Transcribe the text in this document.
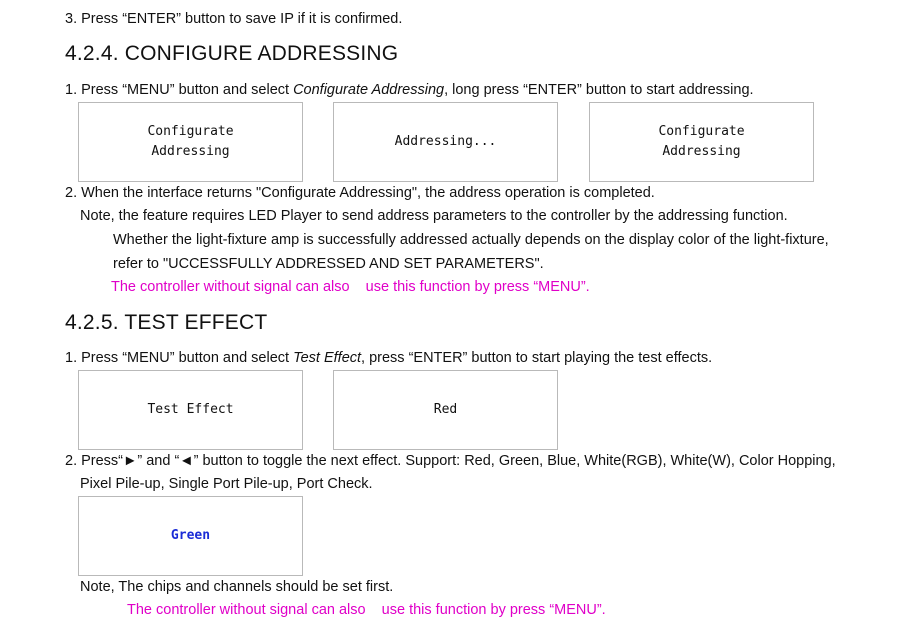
3. Press “ENTER” button to save IP if it is confirmed.
4.2.4. CONFIGURE ADDRESSING
1. Press “MENU” button and select Configurate Addressing, long press “ENTER” button to start addressing.
Configurate
Addressing
Addressing...
Configurate
Addressing
2. When the interface returns "Configurate Addressing", the address operation is completed.
Note, the feature requires LED Player to send address parameters to the controller by the addressing function.
Whether the light-fixture amp is successfully addressed actually depends on the display color of the light-fixture,
refer to "UCCESSFULLY ADDRESSED AND SET PARAMETERS".
The controller without signal can also    use this function by press “MENU”.
4.2.5. TEST EFFECT
1. Press “MENU” button and select Test Effect, press “ENTER” button to start playing the test effects.
Test Effect	Red
2. Press“►” and “◄” button to toggle the next effect. Support: Red, Green, Blue, White(RGB), White(W), Color Hopping,
Pixel Pile-up, Single Port Pile-up, Port Check.
Green
Note, The chips and channels should be set first.
The controller without signal can also    use this function by press “MENU”.
